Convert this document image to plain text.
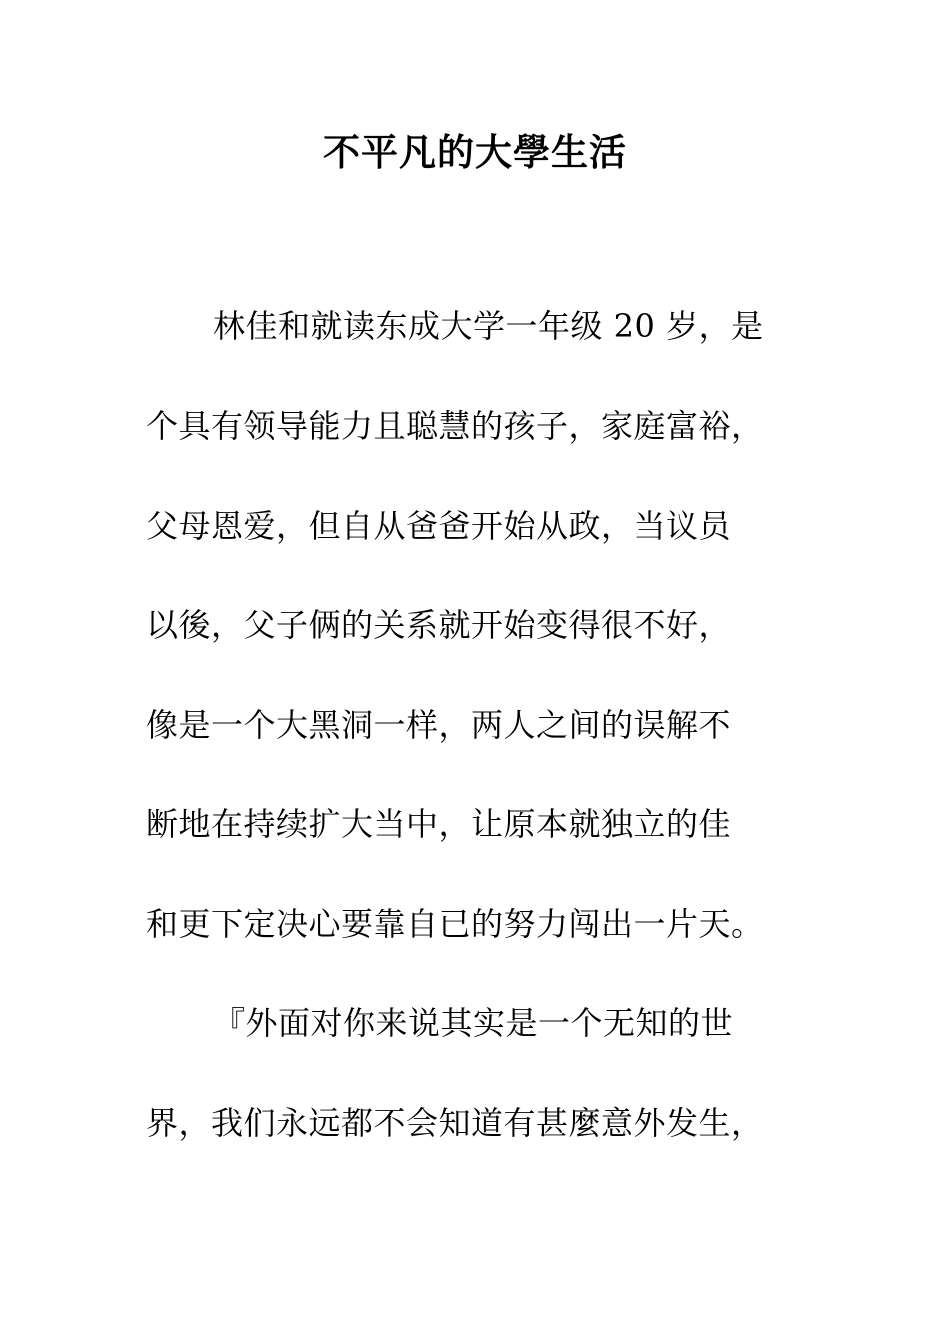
不平凡的大學生活

林佳和就读东成大学一年级 20 岁，是

个具有领导能力且聪慧的孩子，家庭富裕，

父母恩爱，但自从爸爸开始从政，当议员

以後，父子俩的关系就开始变得很不好，

像是一个大黑洞一样，两人之间的误解不

断地在持续扩大当中，让原本就独立的佳

和更下定决心要靠自已的努力闯出一片天。

『外面对你来说其实是一个无知的世

界，我们永远都不会知道有甚麼意外发生，
